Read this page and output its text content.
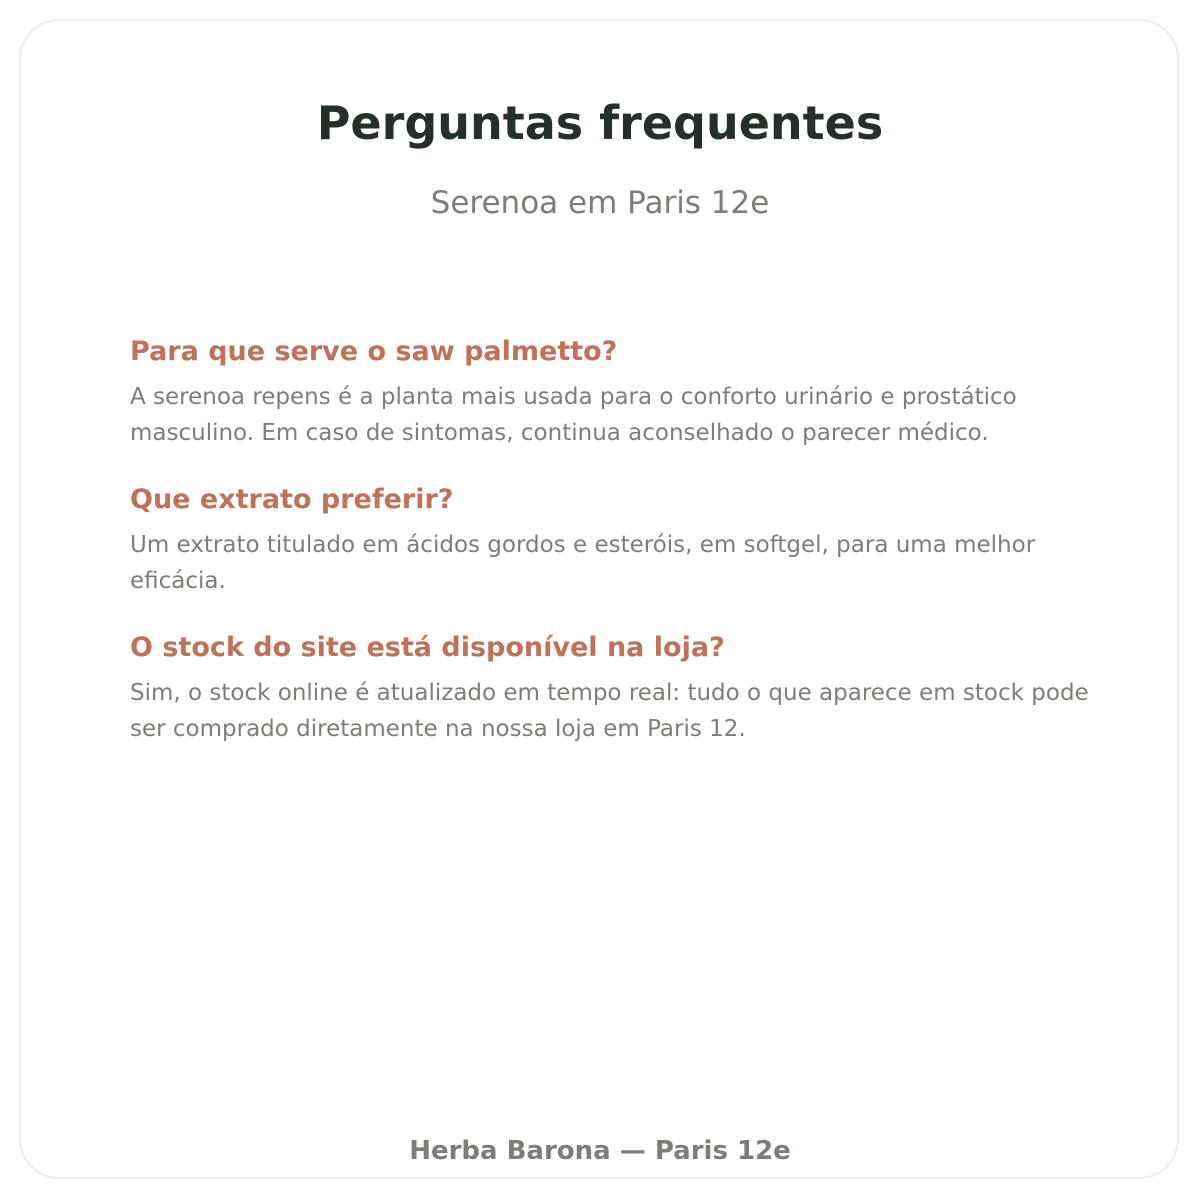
Perguntas frequentes

Serenoa em Paris 12e

Para que serve o saw palmetto?

A serenoa repens é a planta mais usada para o conforto urinário e prostático masculino. Em caso de sintomas, continua aconselhado o parecer médico.

Que extrato preferir?

Um extrato titulado em ácidos gordos e esteróis, em softgel, para uma melhor eficácia.

O stock do site está disponível na loja?

Sim, o stock online é atualizado em tempo real: tudo o que aparece em stock pode ser comprado diretamente na nossa loja em Paris 12.

Herba Barona — Paris 12e
